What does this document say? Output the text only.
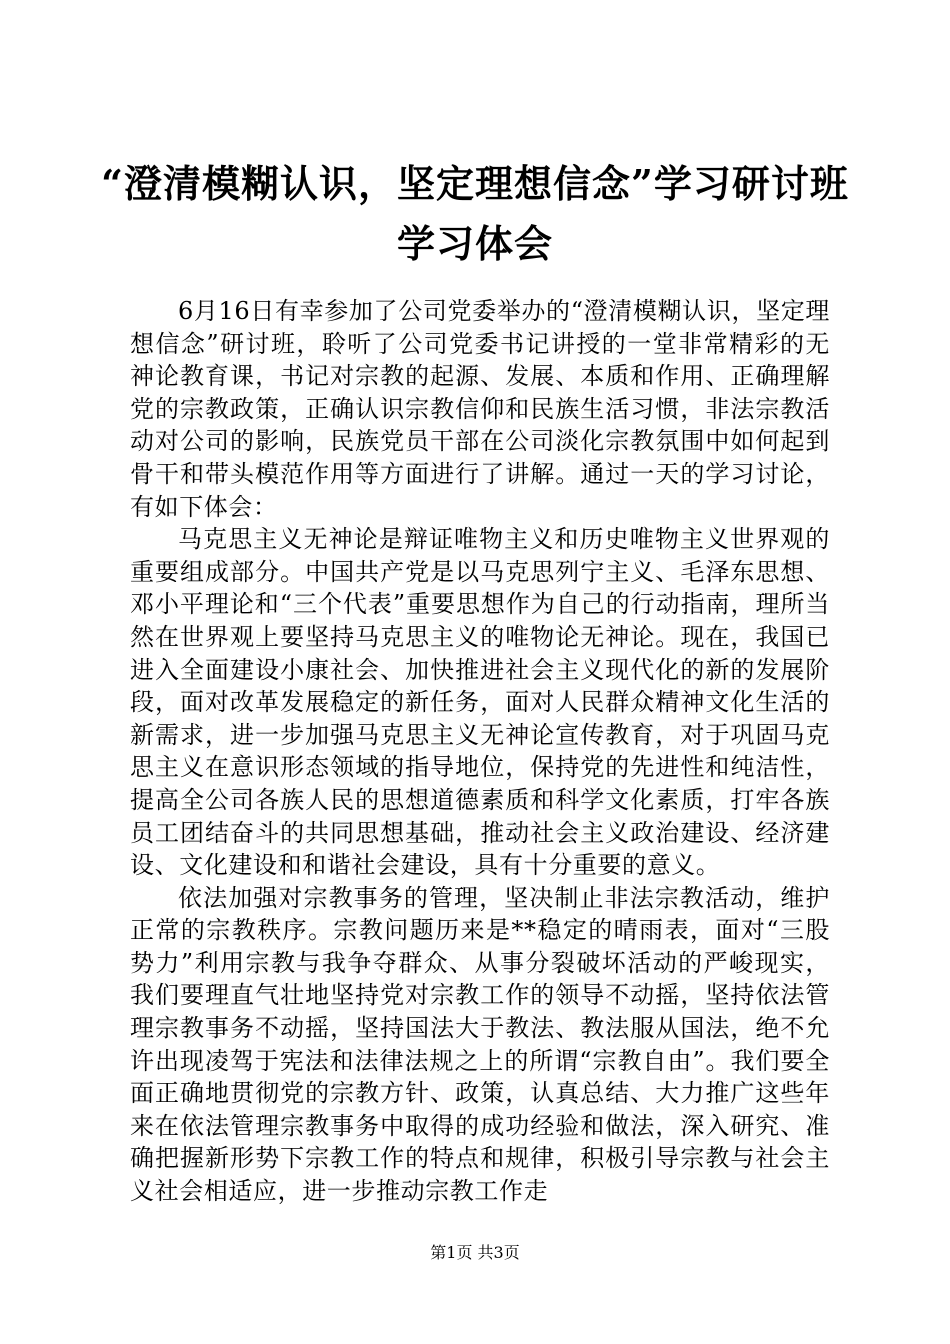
“澄清模糊认识，坚定理想信念”学习研讨班
学习体会

6月16日有幸参加了公司党委举办的“澄清模糊认识，坚定理想信念”研讨班，聆听了公司党委书记讲授的一堂非常精彩的无神论教育课，书记对宗教的起源、发展、本质和作用、正确理解党的宗教政策，正确认识宗教信仰和民族生活习惯，非法宗教活动对公司的影响，民族党员干部在公司淡化宗教氛围中如何起到骨干和带头模范作用等方面进行了讲解。通过一天的学习讨论，有如下体会：

马克思主义无神论是辩证唯物主义和历史唯物主义世界观的重要组成部分。中国共产党是以马克思列宁主义、毛泽东思想、邓小平理论和“三个代表”重要思想作为自己的行动指南，理所当然在世界观上要坚持马克思主义的唯物论无神论。现在，我国已进入全面建设小康社会、加快推进社会主义现代化的新的发展阶段，面对改革发展稳定的新任务，面对人民群众精神文化生活的新需求，进一步加强马克思主义无神论宣传教育，对于巩固马克思主义在意识形态领域的指导地位，保持党的先进性和纯洁性，提高全公司各族人民的思想道德素质和科学文化素质，打牢各族员工团结奋斗的共同思想基础，推动社会主义政治建设、经济建设、文化建设和和谐社会建设，具有十分重要的意义。

依法加强对宗教事务的管理，坚决制止非法宗教活动，维护正常的宗教秩序。宗教问题历来是**稳定的晴雨表，面对“三股势力”利用宗教与我争夺群众、从事分裂破坏活动的严峻现实，我们要理直气壮地坚持党对宗教工作的领导不动摇，坚持依法管理宗教事务不动摇，坚持国法大于教法、教法服从国法，绝不允许出现凌驾于宪法和法律法规之上的所谓“宗教自由”。我们要全面正确地贯彻党的宗教方针、政策，认真总结、大力推广这些年来在依法管理宗教事务中取得的成功经验和做法，深入研究、准确把握新形势下宗教工作的特点和规律，积极引导宗教与社会主义社会相适应，进一步推动宗教工作走

第1页 共3页
